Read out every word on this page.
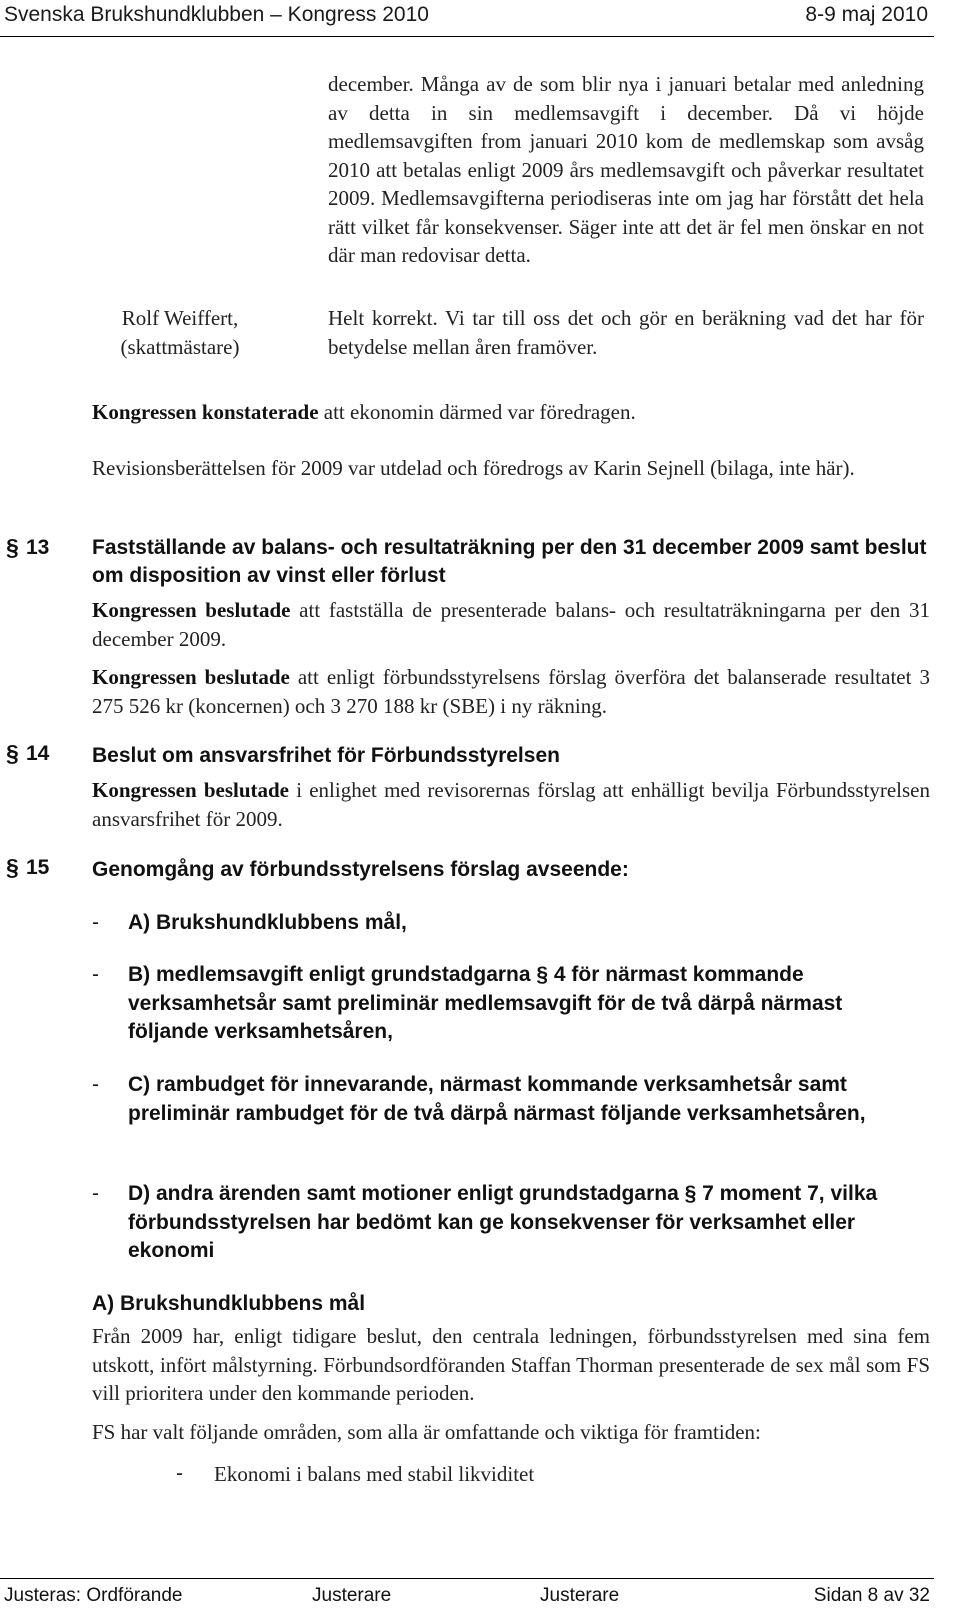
Svenska Brukshundklubben – Kongress 2010	8-9 maj 2010
december. Många av de som blir nya i januari betalar med anledning av detta in sin medlemsavgift i december. Då vi höjde medlemsavgiften from januari 2010 kom de medlemskap som avsåg 2010 att betalas enligt 2009 års medlemsavgift och påverkar resultatet 2009. Medlemsavgifterna periodiseras inte om jag har förstått det hela rätt vilket får konsekvenser. Säger inte att det är fel men önskar en not där man redovisar detta.
Rolf Weiffert,
(skattmästare)
Helt korrekt. Vi tar till oss det och gör en beräkning vad det har för betydelse mellan åren framöver.
Kongressen konstaterade att ekonomin därmed var föredragen.
Revisionsberättelsen för 2009 var utdelad och föredrogs av Karin Sejnell (bilaga, inte här).
§ 13 Fastställande av balans- och resultaträkning per den 31 december 2009 samt beslut om disposition av vinst eller förlust
Kongressen beslutade att fastställa de presenterade balans- och resultaträkningarna per den 31 december 2009.
Kongressen beslutade att enligt förbundsstyrelsens förslag överföra det balanserade resultatet 3 275 526 kr (koncernen) och 3 270 188 kr (SBE) i ny räkning.
§ 14 Beslut om ansvarsfrihet för Förbundsstyrelsen
Kongressen beslutade i enlighet med revisorernas förslag att enhälligt bevilja Förbundsstyrelsen ansvarsfrihet för 2009.
§ 15 Genomgång av förbundsstyrelsens förslag avseende:
- A) Brukshundklubbens mål,
- B) medlemsavgift enligt grundstadgarna § 4 för närmast kommande verksamhetsår samt preliminär medlemsavgift för de två därpå närmast följande verksamhetsåren,
- C) rambudget för innevarande, närmast kommande verksamhetsår samt preliminär rambudget för de två därpå närmast följande verksamhetsåren,
- D) andra ärenden samt motioner enligt grundstadgarna § 7 moment 7, vilka förbundsstyrelsen har bedömt kan ge konsekvenser för verksamhet eller ekonomi
A) Brukshundklubbens mål
Från 2009 har, enligt tidigare beslut, den centrala ledningen, förbundsstyrelsen med sina fem utskott, infört målstyrning. Förbundsordföranden Staffan Thorman presenterade de sex mål som FS vill prioritera under den kommande perioden.
FS har valt följande områden, som alla är omfattande och viktiga för framtiden:
- Ekonomi i balans med stabil likviditet
Justeras: Ordförande	Justerare	Justerare	Sidan 8 av 32
